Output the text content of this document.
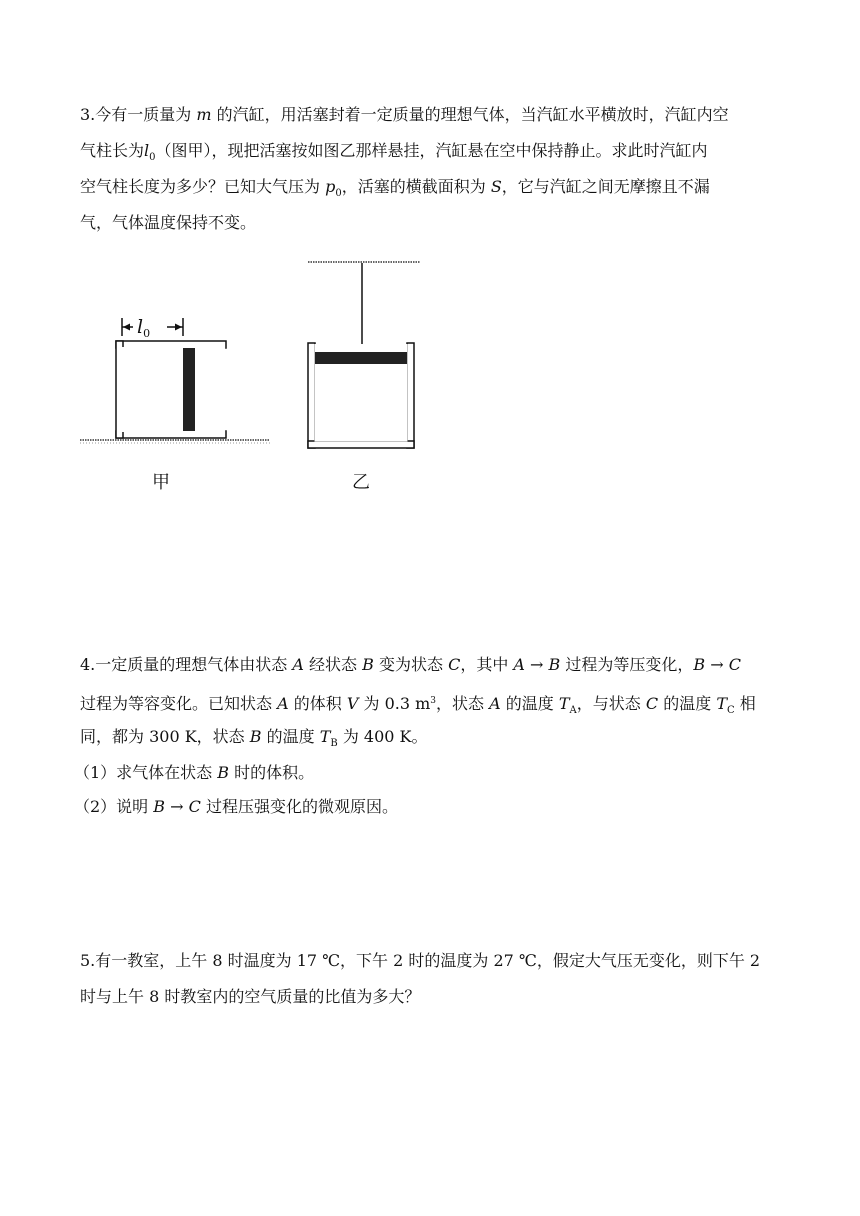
3.今有一质量为 m 的汽缸，用活塞封着一定质量的理想气体，当汽缸水平横放时，汽缸内空
气柱长为$l_0$（图甲），现把活塞按如图乙那样悬挂，汽缸悬在空中保持静止。求此时汽缸内
空气柱长度为多少？已知大气压为 $p_0$，活塞的横截面积为 S，它与汽缸之间无摩擦且不漏
气，气体温度保持不变。
$l_0$
甲	乙
4.一定质量的理想气体由状态 A 经状态 B 变为状态 C，其中 A → B 过程为等压变化，B → C
过程为等容变化。已知状态 A 的体积 V 为 0.3 $m^3$，状态 A 的温度 $T_A$，与状态 C 的温度 $T_C$ 相
同，都为 300 K，状态 B 的温度 $T_B$ 为 400 K。
（1）求气体在状态 B 时的体积。
（2）说明 B → C 过程压强变化的微观原因。
5.有一教室，上午 8 时温度为 17 ℃，下午 2 时的温度为 27 ℃，假定大气压无变化，则下午 2
时与上午 8 时教室内的空气质量的比值为多大？
